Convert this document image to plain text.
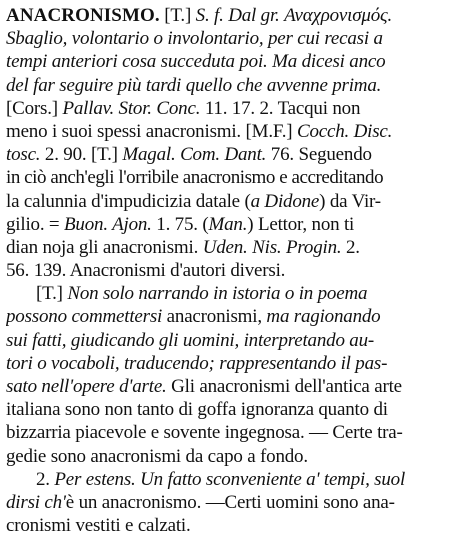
ANACRONISMO. [T.] S. f. Dal gr. Αναχρονισμός.
Sbaglio, volontario o involontario, per cui recasi a
tempi anteriori cosa succeduta poi. Ma dicesi anco
del far seguire più tardi quello che avvenne prima.
[Cors.] Pallav. Stor. Conc. 11. 17. 2. Tacqui non
meno i suoi spessi anacronismi. [M.F.] Cocch. Disc.
tosc. 2. 90. [T.] Magal. Com. Dant. 76. Seguendo
in ciò anch'egli l'orribile anacronismo e accreditando
la calunnia d'impudicizia datale (a Didone) da Vir-
gilio. = Buon. Ajon. 1. 75. (Man.) Lettor, non ti
dian noja gli anacronismi. Uden. Nis. Progin. 2.
56. 139. Anacronismi d'autori diversi.
[T.] Non solo narrando in istoria o in poema
possono commettersi anacronismi, ma ragionando
sui fatti, giudicando gli uomini, interpretando au-
tori o vocaboli, traducendo; rappresentando il pas-
sato nell'opere d'arte. Gli anacronismi dell'antica arte
italiana sono non tanto di goffa ignoranza quanto di
bizzarria piacevole e sovente ingegnosa. — Certe tra-
gedie sono anacronismi da capo a fondo.
2. Per estens. Un fatto sconveniente a' tempi, suol
dirsi ch'è un anacronismo. —Certi uomini sono ana-
cronismi vestiti e calzati.
